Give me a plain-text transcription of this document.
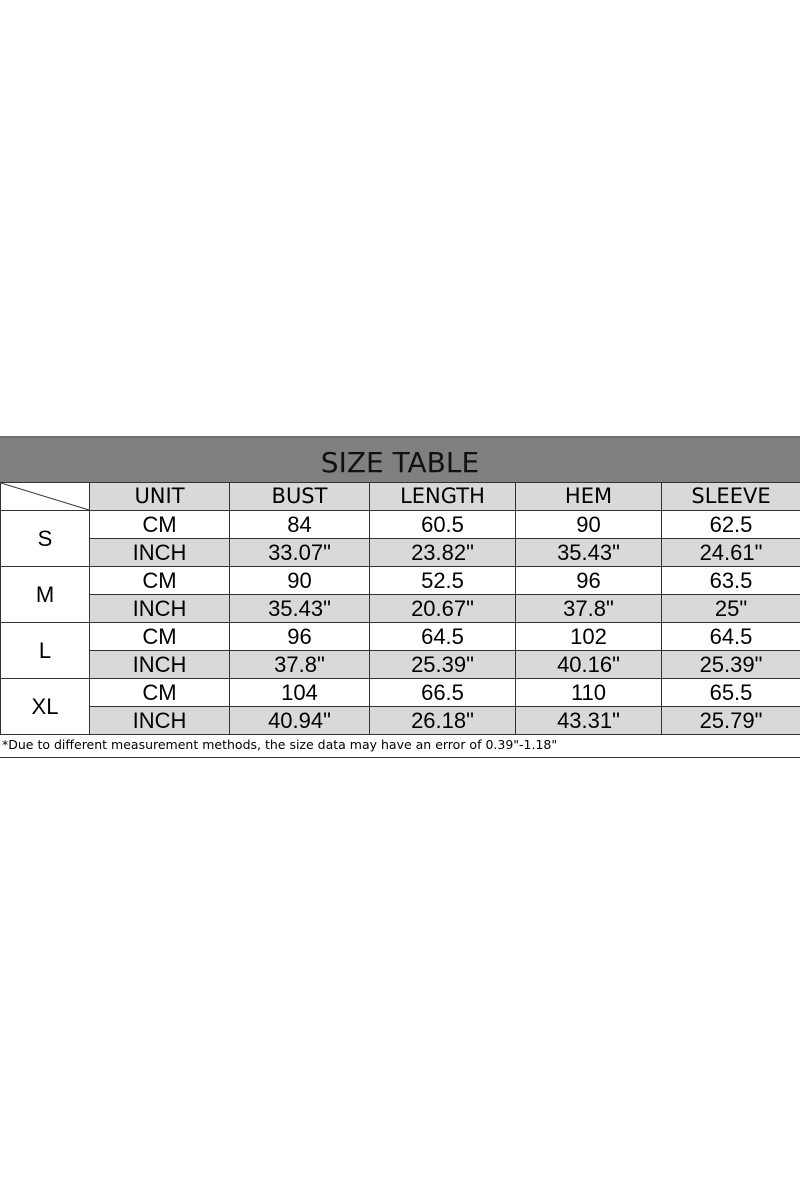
SIZE TABLE
	UNIT	BUST	LENGTH	HEM	SLEEVE
S	CM	84	60.5	90	62.5
	INCH	33.07"	23.82"	35.43"	24.61"
M	CM	90	52.5	96	63.5
	INCH	35.43"	20.67"	37.8"	25"
L	CM	96	64.5	102	64.5
	INCH	37.8"	25.39"	40.16"	25.39"
XL	CM	104	66.5	110	65.5
	INCH	40.94"	26.18"	43.31"	25.79"
*Due to different measurement methods, the size data may have an error of 0.39"-1.18"
